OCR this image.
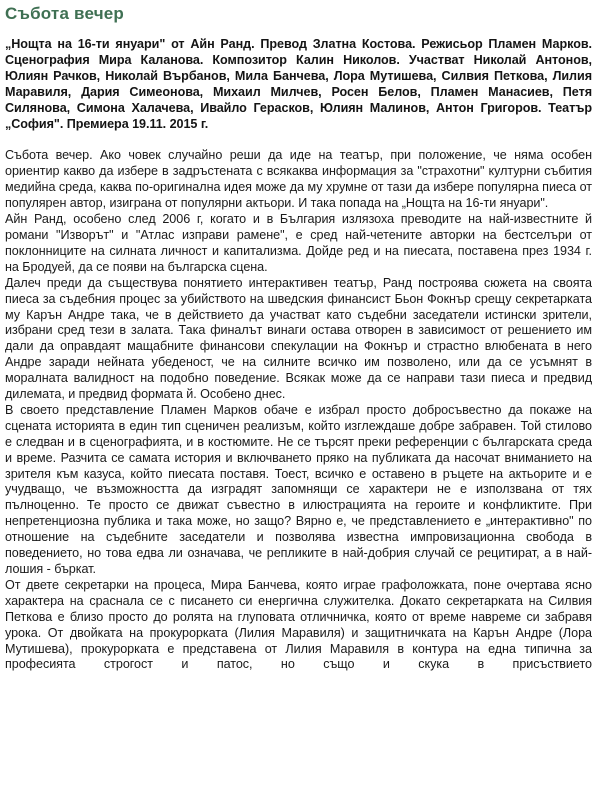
Събота вечер

„Нощта на 16-ти януари" от Айн Ранд. Превод Златна Костова. Режисьор Пламен Марков. Сценография Мира Каланова. Композитор Калин Николов. Участват Николай Антонов, Юлиян Рачков, Николай Върбанов, Мила Банчева, Лора Мутишева, Силвия Петкова, Лилия Маравиля, Дария Симеонова, Михаил Милчев, Росен Белов, Пламен Манасиев, Петя Силянова, Симона Халачева, Ивайло Герасков, Юлиян Малинов, Антон Григоров. Театър „София". Премиера 19.11. 2015 г.

Събота вечер. Ако човек случайно реши да иде на театър, при положение, че няма особен ориентир какво да избере в задръстената с всякаква информация за "страхотни" културни събития медийна среда, каква по-оригинална идея може да му хрумне от тази да избере популярна пиеса от популярен автор, изиграна от популярни актьори. И така попада на „Нощта на 16-ти януари".

Айн Ранд, особено след 2006 г, когато и в България излязоха преводите на най-известните й романи "Изворът" и "Атлас изправи рамене", е сред най-четените авторки на бестселъри от поклонниците на силната личност и капитализма. Дойде ред и на пиесата, поставена през 1934 г. на Бродуей, да се появи на българска сцена.

Далеч преди да съществува понятието интерактивен театър, Ранд построява сюжета на своята пиеса за съдебния процес за убийството на шведския финансист Бьон Фокнър срещу секретарката му Карън Андре така, че в действието да участват като съдебни заседатели истински зрители, избрани сред тези в залата. Така финалът винаги остава отворен в зависимост от решението им дали да оправдаят мащабните финансови спекулации на Фокнър и страстно влюбената в него Андре заради нейната убеденост, че на силните всичко им позволено, или да се усъмнят в моралната валидност на подобно поведение. Всякак може да се направи тази пиеса и предвид дилемата, и предвид формата й. Особено днес.

В своето представление Пламен Марков обаче е избрал просто добросъвестно да покаже на сцената историята в един тип сценичен реализъм, който изглеждаше добре забравен. Той стилово е следван и в сценографията, и в костюмите. Не се търсят преки референции с българската среда и време. Разчита се самата история и включването пряко на публиката да насочат вниманието на зрителя към казуса, който пиесата поставя. Тоест, всичко е оставено в ръцете на актьорите и е учудващо, че възможността да изградят запомнящи се характери не е използвана от тях пълноценно. Те просто се движат съвестно в илюстрацията на героите и конфликтите. При непретенциозна публика и така може, но защо? Вярно е, че представлението е „интерактивно" по отношение на съдебните заседатели и позволява известна импровизационна свобода в поведението, но това едва ли означава, че репликите в най-добрия случай се рецитират, а в най-лошия - бъркат.

От двете секретарки на процеса, Мира Банчева, която играе графоложката, поне очертава ясно характера на сраснала се с писането си енергична служителка. Докато секретарката на Силвия Петкова е близо просто до ролята на глуповата отличничка, която от време навреме си забравя урока. От двойката на прокурорката (Лилия Маравиля) и защитничката на Карън Андре (Лора Мутишева), прокурорката е представена от Лилия Маравиля в контура на една типична за професията строгост и патос, но също и скука в присъствието
